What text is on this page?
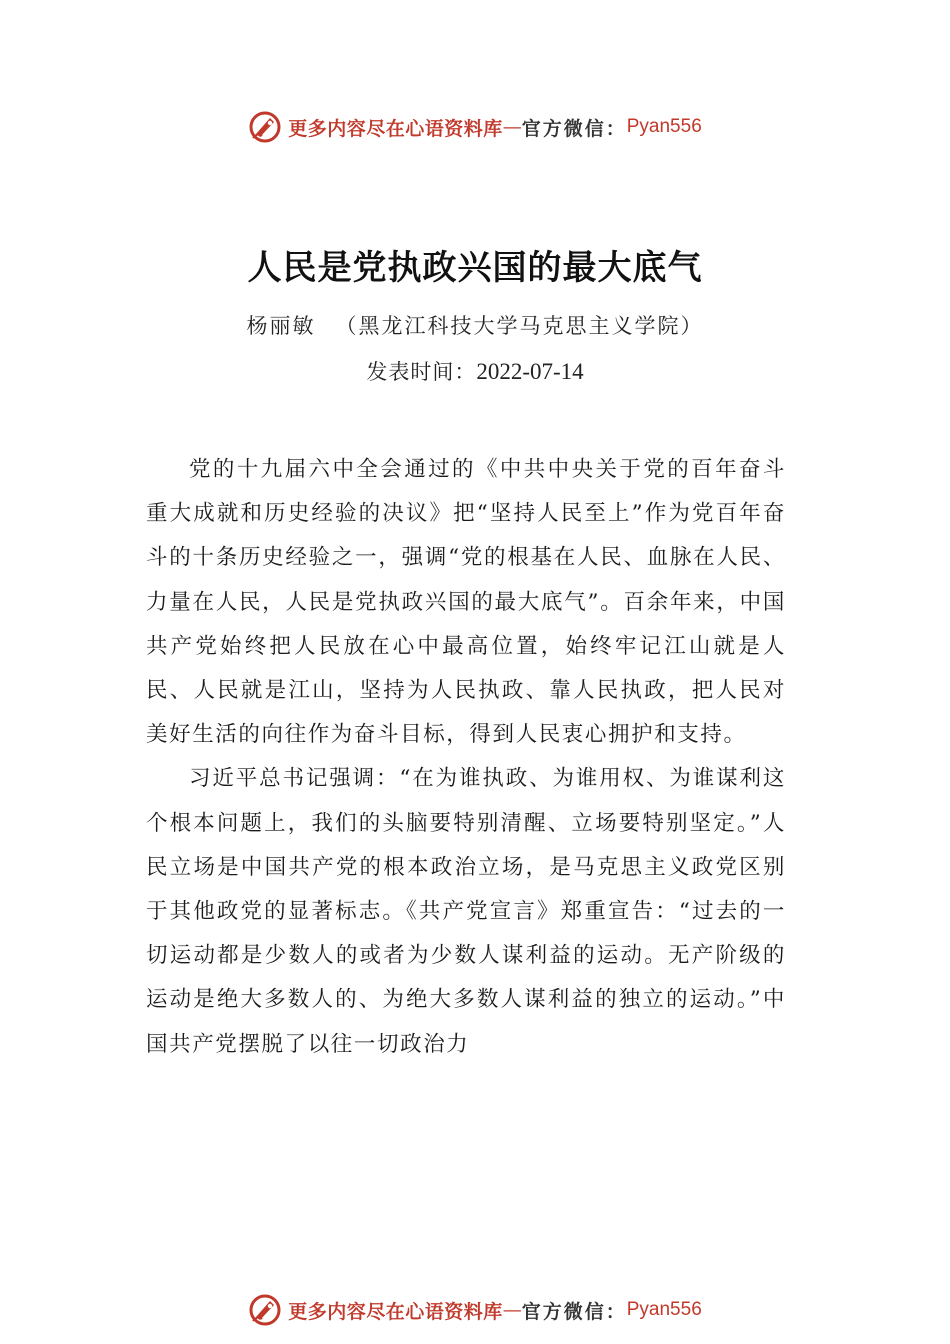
更多内容尽在心语资料库 — 官方微信： Pyan556
人民是党执政兴国的最大底气
杨丽敏 （黑龙江科技大学马克思主义学院）
发表时间：2022-07-14

党的十九届六中全会通过的《中共中央关于党的百年奋斗重大成就和历史经验的决议》把“坚持人民至上”作为党百年奋斗的十条历史经验之一，强调“党的根基在人民、血脉在人民、力量在人民，人民是党执政兴国的最大底气”。百余年来，中国共产党始终把人民放在心中最高位置，始终牢记江山就是人民、人民就是江山，坚持为人民执政、靠人民执政，把人民对美好生活的向往作为奋斗目标，得到人民衷心拥护和支持。

习近平总书记强调：“在为谁执政、为谁用权、为谁谋利这个根本问题上，我们的头脑要特别清醒、立场要特别坚定。”人民立场是中国共产党的根本政治立场，是马克思主义政党区别于其他政党的显著标志。《共产党宣言》郑重宣告：“过去的一切运动都是少数人的或者为少数人谋利益的运动。无产阶级的运动是绝大多数人的、为绝大多数人谋利益的独立的运动。”中国共产党摆脱了以往一切政治力

更多内容尽在心语资料库 — 官方微信： Pyan556
